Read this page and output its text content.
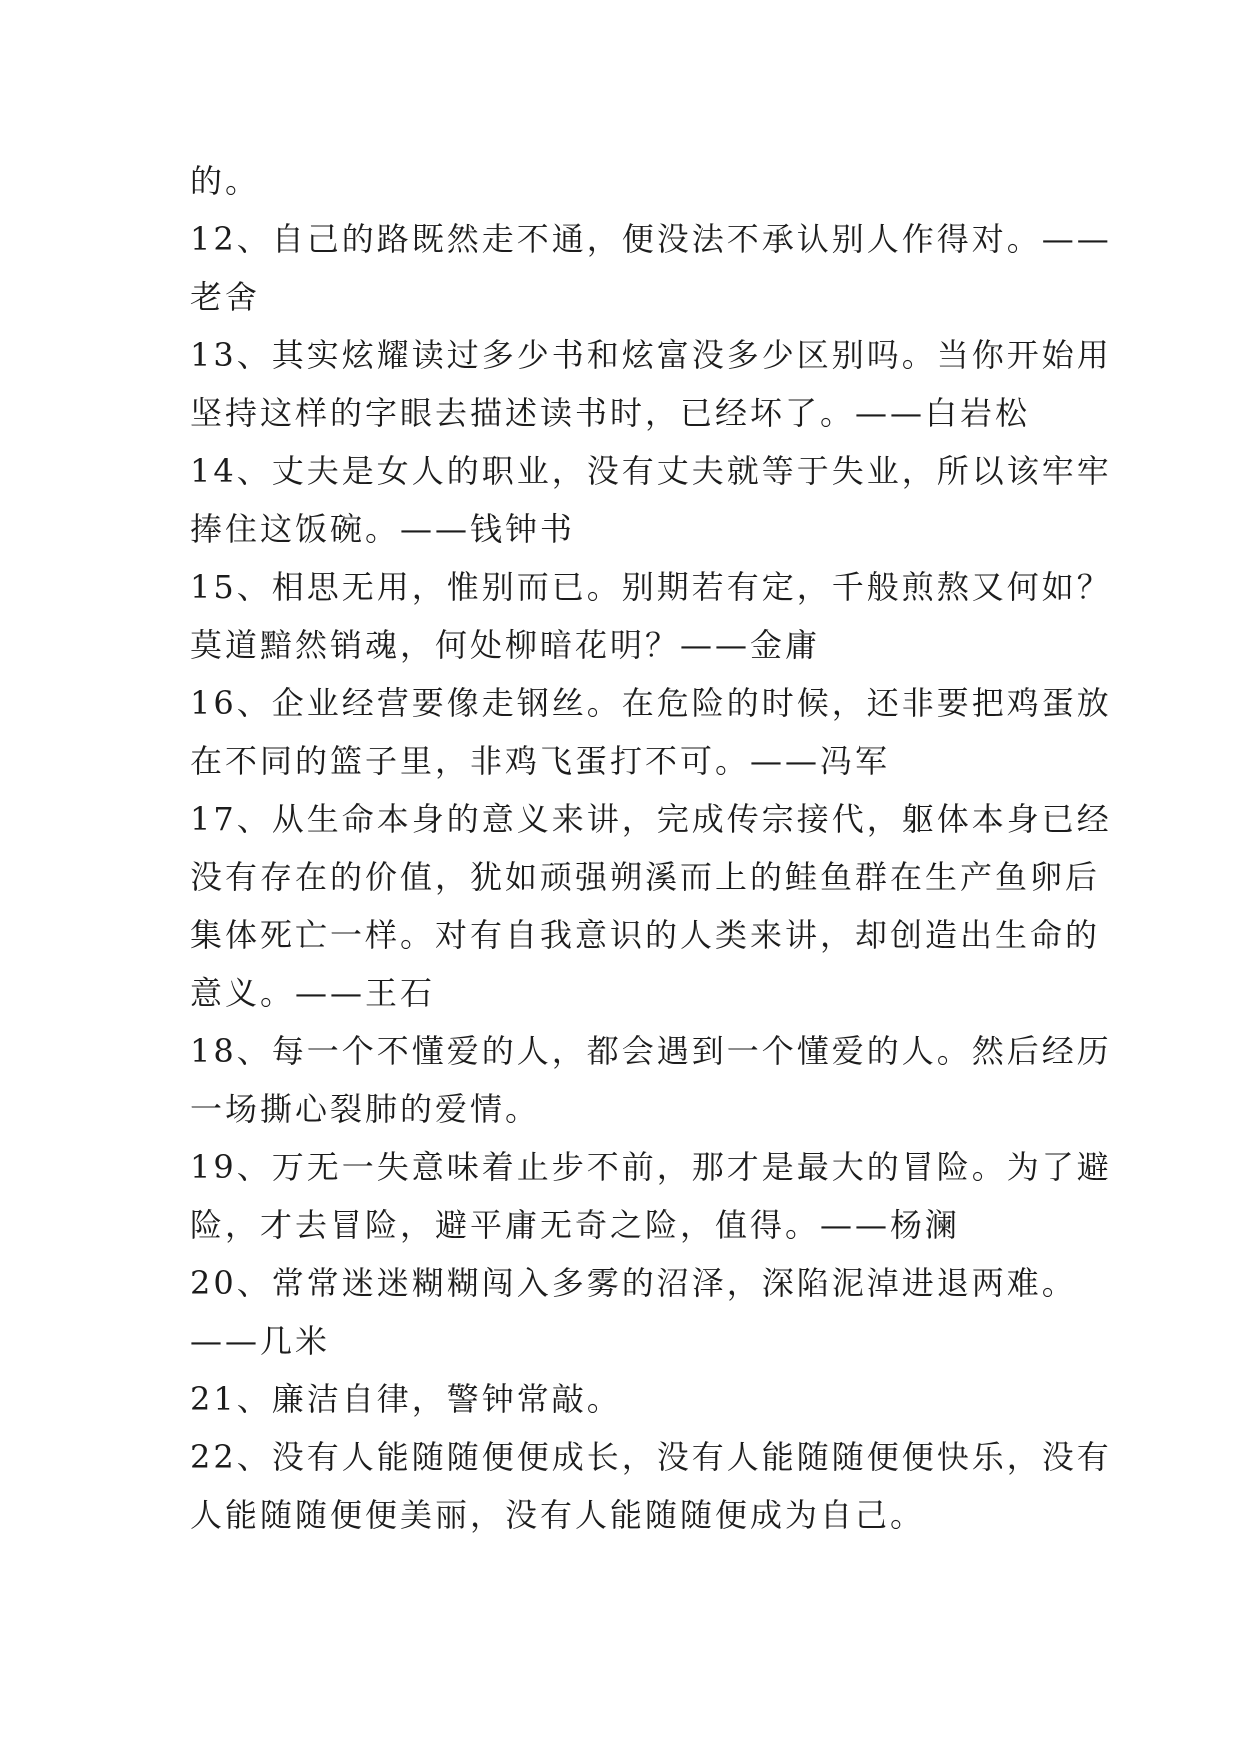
的。
12、自己的路既然走不通，便没法不承认别人作得对。——
老舍
13、其实炫耀读过多少书和炫富没多少区别吗。当你开始用
坚持这样的字眼去描述读书时，已经坏了。——白岩松
14、丈夫是女人的职业，没有丈夫就等于失业，所以该牢牢
捧住这饭碗。——钱钟书
15、相思无用，惟别而已。别期若有定，千般煎熬又何如？
莫道黯然销魂，何处柳暗花明？——金庸
16、企业经营要像走钢丝。在危险的时候，还非要把鸡蛋放
在不同的篮子里，非鸡飞蛋打不可。——冯军
17、从生命本身的意义来讲，完成传宗接代，躯体本身已经
没有存在的价值，犹如顽强朔溪而上的鲑鱼群在生产鱼卵后
集体死亡一样。对有自我意识的人类来讲，却创造出生命的
意义。——王石
18、每一个不懂爱的人，都会遇到一个懂爱的人。然后经历
一场撕心裂肺的爱情。
19、万无一失意味着止步不前，那才是最大的冒险。为了避
险，才去冒险，避平庸无奇之险，值得。——杨澜
20、常常迷迷糊糊闯入多雾的沼泽，深陷泥淖进退两难。
——几米
21、廉洁自律，警钟常敲。
22、没有人能随随便便成长，没有人能随随便便快乐，没有
人能随随便便美丽，没有人能随随便成为自己。
